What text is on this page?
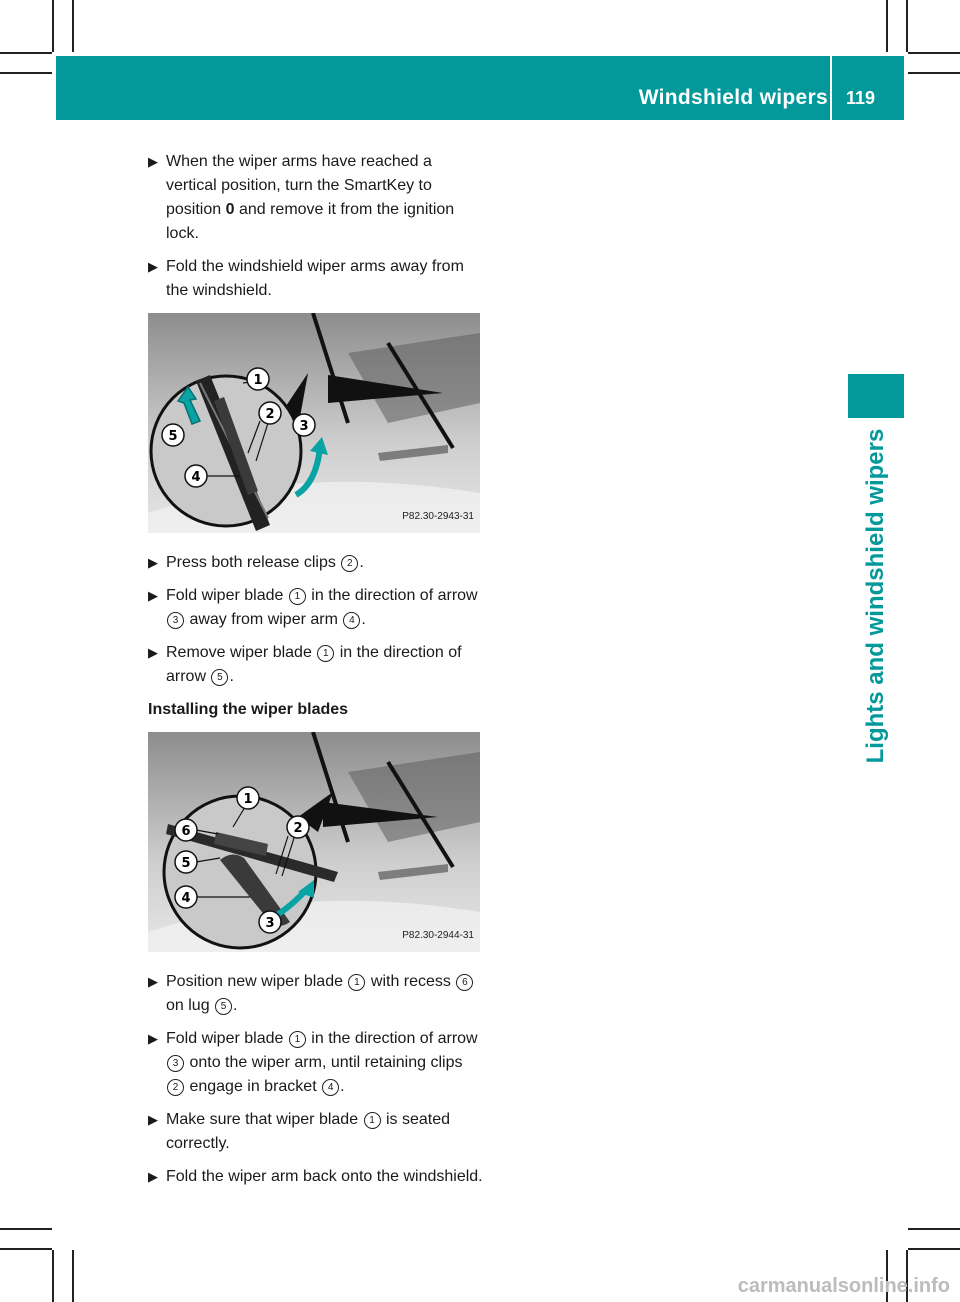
Windshield wipers 119
Lights and windshield wipers
▶ When the wiper arms have reached a vertical position, turn the SmartKey to position 0 and remove it from the ignition lock.
▶ Fold the windshield wiper arms away from the windshield.
1
2
3
4
5
P82.30-2943-31
▶ Press both release clips 2 .
▶ Fold wiper blade 1 in the direction of arrow 3 away from wiper arm 4 .
▶ Remove wiper blade 1 in the direction of arrow 5 .
Installing the wiper blades
1
2
3
4
5
6
P82.30-2944-31
▶ Position new wiper blade 1 with recess 6 on lug 5 .
▶ Fold wiper blade 1 in the direction of arrow 3 onto the wiper arm, until retaining clips 2 engage in bracket 4 .
▶ Make sure that wiper blade 1 is seated correctly.
▶ Fold the wiper arm back onto the windshield.
carmanualsonline.info
